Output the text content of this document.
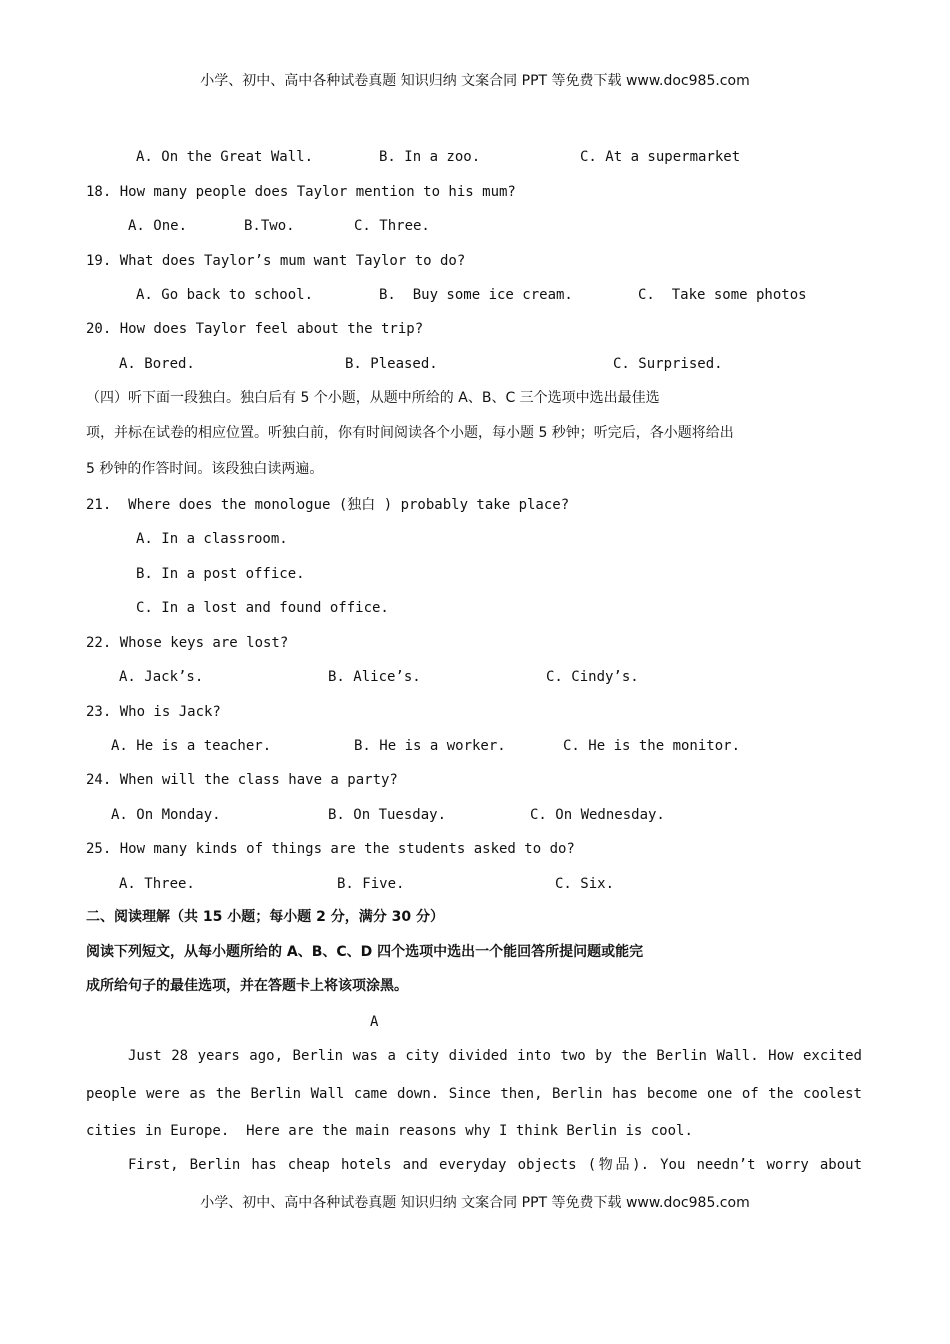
小学、初中、高中各种试卷真题 知识归纳 文案合同 PPT 等免费下载 www.doc985.com
A. On the Great Wall.	B. In a zoo.	C. At a supermarket
18. How many people does Taylor mention to his mum?
A. One.	B.Two.	C. Three.
19. What does Taylor’s mum want Taylor to do?
A. Go back to school.	B.  Buy some ice cream.	C.  Take some photos
20. How does Taylor feel about the trip?
A. Bored.	B. Pleased.	C. Surprised.
（四）听下面一段独白。独白后有 5 个小题，从题中所给的 A、B、C 三个选项中选出最佳选
项，并标在试卷的相应位置。听独白前，你有时间阅读各个小题，每小题 5 秒钟；听完后，各小题将给出
5 秒钟的作答时间。该段独白读两遍。
21.  Where does the monologue (独白 ) probably take place?
A. In a classroom.
B. In a post office.
C. In a lost and found office.
22. Whose keys are lost?
A. Jack’s.	B. Alice’s.	C. Cindy’s.
23. Who is Jack?
A. He is a teacher.	B. He is a worker.	C. He is the monitor.
24. When will the class have a party?
A. On Monday.	B. On Tuesday.	C. On Wednesday.
25. How many kinds of things are the students asked to do?
A. Three.	B. Five.	C. Six.
二、阅读理解（共 15 小题；每小题 2 分，满分 30 分）
阅读下列短文，从每小题所给的 A、B、C、D 四个选项中选出一个能回答所提问题或能完
成所给句子的最佳选项，并在答题卡上将该项涂黑。
A
Just 28 years ago, Berlin was a city divided into two by the Berlin Wall. How excited
people were as the Berlin Wall came down. Since then, Berlin has become one of the coolest
cities in Europe.  Here are the main reasons why I think Berlin is cool.
First, Berlin has cheap hotels and everyday objects (物品). You needn’t worry about
小学、初中、高中各种试卷真题 知识归纳 文案合同 PPT 等免费下载 www.doc985.com
